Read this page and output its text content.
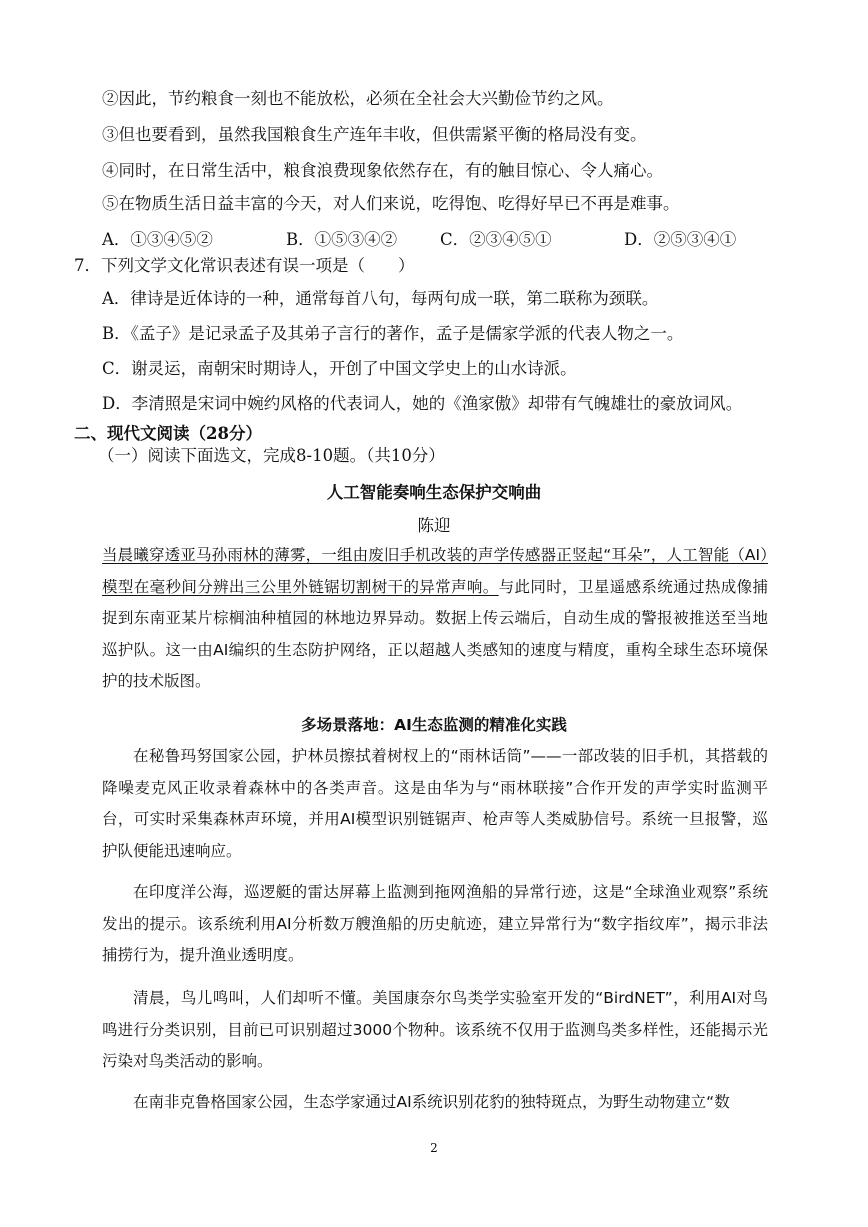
②因此，节约粮食一刻也不能放松，必须在全社会大兴勤俭节约之风。
③但也要看到，虽然我国粮食生产连年丰收，但供需紧平衡的格局没有变。
④同时，在日常生活中，粮食浪费现象依然存在，有的触目惊心、令人痛心。
⑤在物质生活日益丰富的今天，对人们来说，吃得饱、吃得好早已不再是难事。
A．①③④⑤②	B．①⑤③④②	C．②③④⑤①	D．②⑤③④①
7．下列文学文化常识表述有误一项是（　　）
A．律诗是近体诗的一种，通常每首八句，每两句成一联，第二联称为颈联。
B．《孟子》是记录孟子及其弟子言行的著作，孟子是儒家学派的代表人物之一。
C．谢灵运，南朝宋时期诗人，开创了中国文学史上的山水诗派。
D．李清照是宋词中婉约风格的代表词人，她的《渔家傲》却带有气魄雄壮的豪放词风。
二、现代文阅读（28分）
（一）阅读下面选文，完成8-10题。（共10分）
人工智能奏响生态保护交响曲
陈迎
当晨曦穿透亚马孙雨林的薄雾，一组由废旧手机改装的声学传感器正竖起“耳朵”，人工智能（AI）模型在毫秒间分辨出三公里外链锯切割树干的异常声响。与此同时，卫星遥感系统通过热成像捕捉到东南亚某片棕榈油种植园的林地边界异动。数据上传云端后，自动生成的警报被推送至当地巡护队。这一由AI编织的生态防护网络，正以超越人类感知的速度与精度，重构全球生态环境保护的技术版图。
多场景落地：AI生态监测的精准化实践
在秘鲁玛努国家公园，护林员擦拭着树杈上的“雨林话筒”——一部改装的旧手机，其搭载的降噪麦克风正收录着森林中的各类声音。这是由华为与“雨林联接”合作开发的声学实时监测平台，可实时采集森林声环境，并用AI模型识别链锯声、枪声等人类威胁信号。系统一旦报警，巡护队便能迅速响应。
在印度洋公海，巡逻艇的雷达屏幕上监测到拖网渔船的异常行迹，这是“全球渔业观察”系统发出的提示。该系统利用AI分析数万艘渔船的历史航迹，建立异常行为“数字指纹库”，揭示非法捕捞行为，提升渔业透明度。
清晨，鸟儿鸣叫，人们却听不懂。美国康奈尔鸟类学实验室开发的“BirdNET”，利用AI对鸟鸣进行分类识别，目前已可识别超过3000个物种。该系统不仅用于监测鸟类多样性，还能揭示光污染对鸟类活动的影响。
在南非克鲁格国家公园，生态学家通过AI系统识别花豹的独特斑点，为野生动物建立“数
2
